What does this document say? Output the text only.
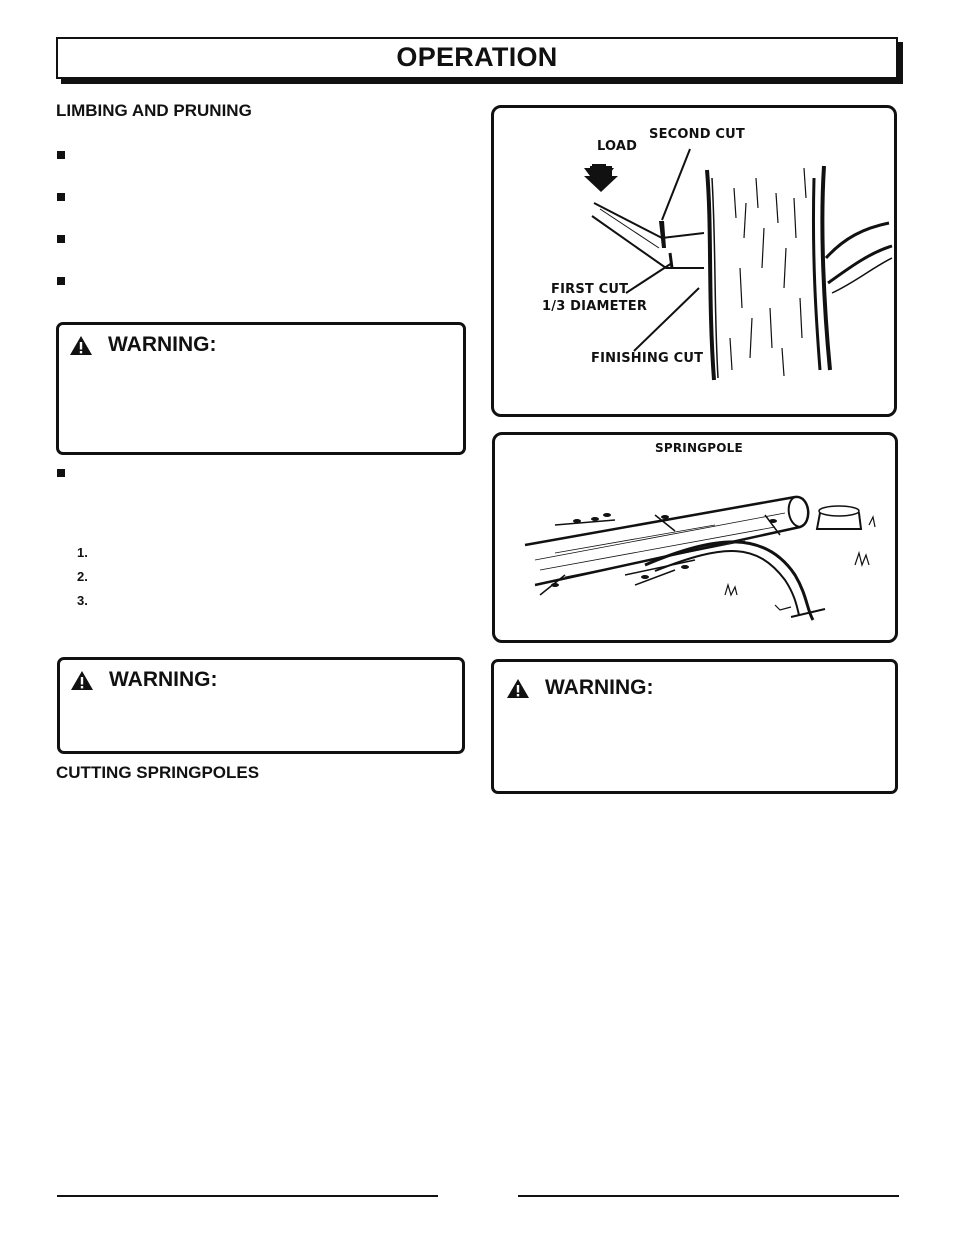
OPERATION
LIMBING AND PRUNING
WARNING:
1.
2.
3.
WARNING:
CUTTING SPRINGPOLES
LOAD
SECOND CUT
FIRST CUT
1/3 DIAMETER
FINISHING CUT
SPRINGPOLE
WARNING:
